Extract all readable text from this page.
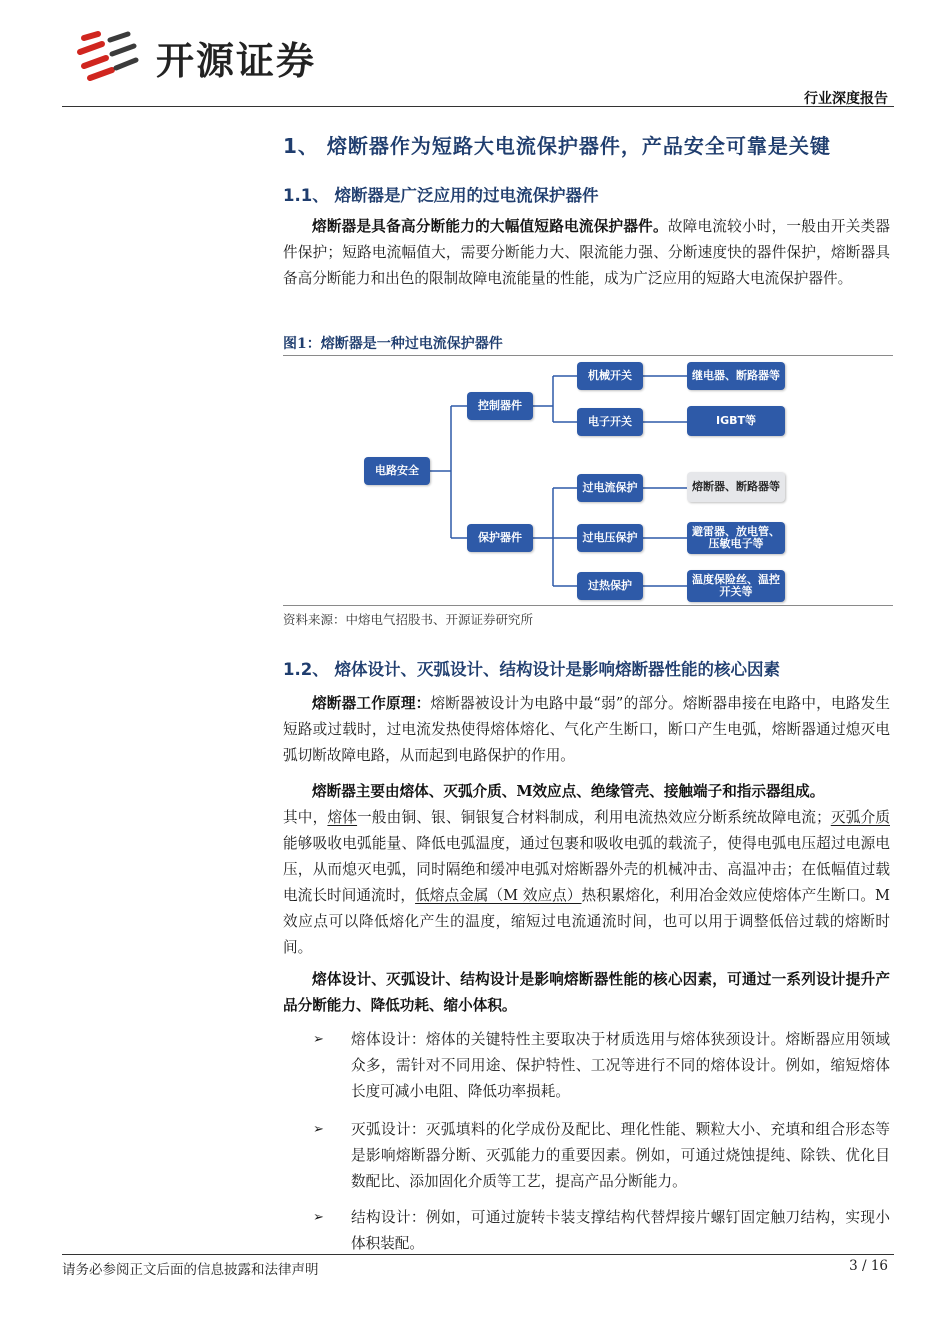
开源证券
行业深度报告
1、 熔断器作为短路大电流保护器件，产品安全可靠是关键
1.1、 熔断器是广泛应用的过电流保护器件

熔断器是具备高分断能力的大幅值短路电流保护器件。故障电流较小时，一般由开关类器件保护；短路电流幅值大，需要分断能力大、限流能力强、分断速度快的器件保护，熔断器具备高分断能力和出色的限制故障电流能量的性能，成为广泛应用的短路大电流保护器件。

图1：熔断器是一种过电流保护器件
电路安全
控制器件
保护器件
机械开关
电子开关
过电流保护
过电压保护
过热保护
继电器、断路器等
IGBT等
熔断器、断路器等
避雷器、放电管、
压敏电子等
温度保险丝、温控
开关等
资料来源：中熔电气招股书、开源证券研究所
1.2、 熔体设计、灭弧设计、结构设计是影响熔断器性能的核心因素

熔断器工作原理：熔断器被设计为电路中最“弱”的部分。熔断器串接在电路中，电路发生短路或过载时，过电流发热使得熔体熔化、气化产生断口，断口产生电弧，熔断器通过熄灭电弧切断故障电路，从而起到电路保护的作用。

熔断器主要由熔体、灭弧介质、M效应点、绝缘管壳、接触端子和指示器组成。

其中，熔体一般由铜、银、铜银复合材料制成，利用电流热效应分断系统故障电流；灭弧介质能够吸收电弧能量、降低电弧温度，通过包裹和吸收电弧的载流子，使得电弧电压超过电源电压，从而熄灭电弧，同时隔绝和缓冲电弧对熔断器外壳的机械冲击、高温冲击；在低幅值过载电流长时间通流时，低熔点金属（M 效应点）热积累熔化，利用冶金效应使熔体产生断口。M 效应点可以降低熔化产生的温度，缩短过电流通流时间，也可以用于调整低倍过载的熔断时间。

熔体设计、灭弧设计、结构设计是影响熔断器性能的核心因素，可通过一系列设计提升产品分断能力、降低功耗、缩小体积。

➢ 熔体设计：熔体的关键特性主要取决于材质选用与熔体狭颈设计。熔断器应用领域众多，需针对不同用途、保护特性、工况等进行不同的熔体设计。例如，缩短熔体长度可减小电阻、降低功率损耗。
➢ 灭弧设计：灭弧填料的化学成份及配比、理化性能、颗粒大小、充填和组合形态等是影响熔断器分断、灭弧能力的重要因素。例如，可通过烧蚀提纯、除铁、优化目数配比、添加固化介质等工艺，提高产品分断能力。
➢ 结构设计：例如，可通过旋转卡装支撑结构代替焊接片螺钉固定触刀结构，实现小体积装配。
请务必参阅正文后面的信息披露和法律声明	3 / 16
